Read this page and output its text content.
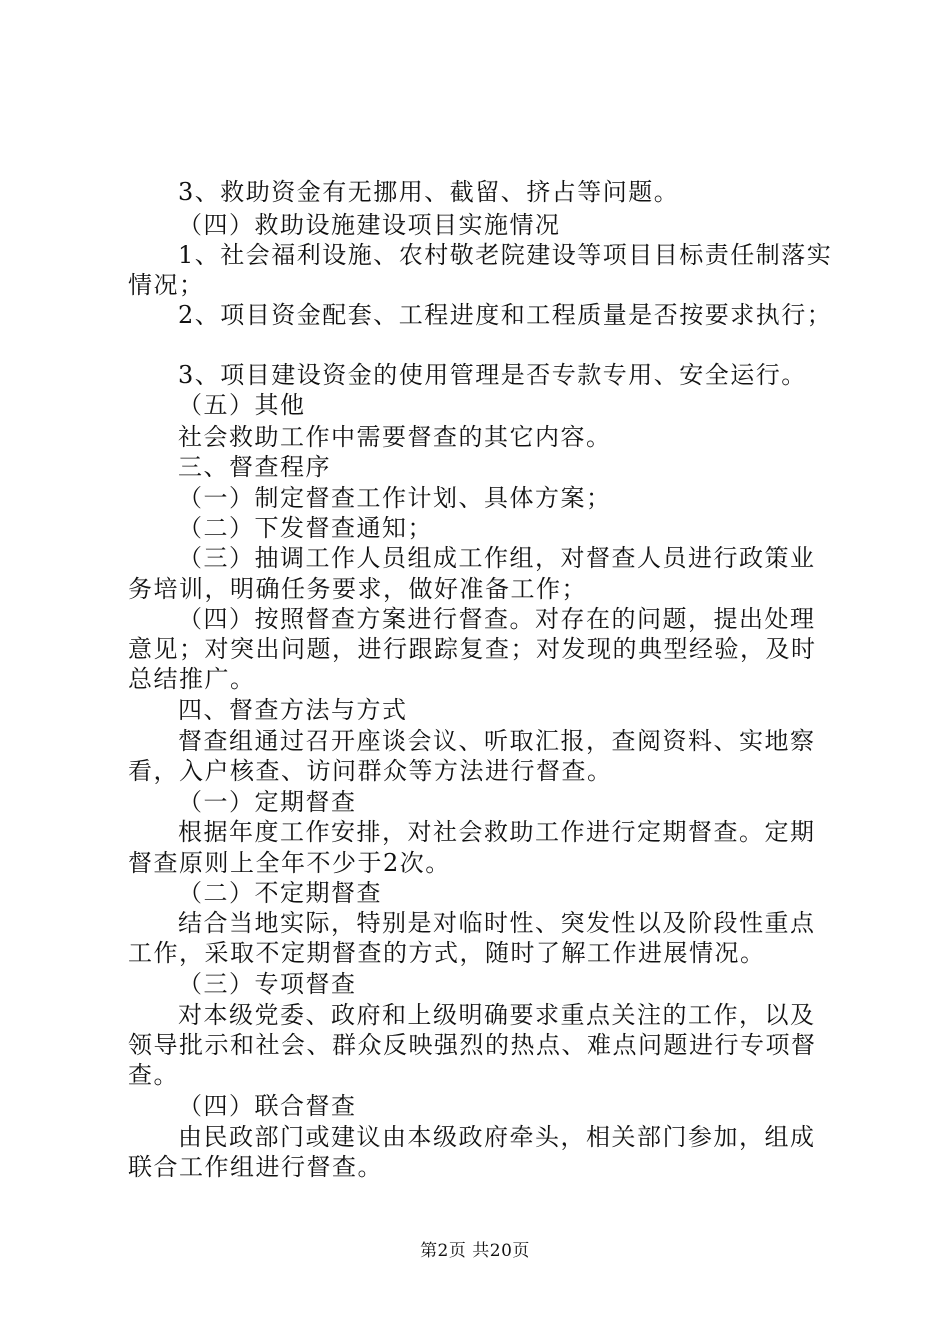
3、救助资金有无挪用、截留、挤占等问题。
（四）救助设施建设项目实施情况
1、社会福利设施、农村敬老院建设等项目目标责任制落实
情况；
2、项目资金配套、工程进度和工程质量是否按要求执行；
3、项目建设资金的使用管理是否专款专用、安全运行。
（五）其他
社会救助工作中需要督查的其它内容。
三、督查程序
（一）制定督查工作计划、具体方案；
（二）下发督查通知；
（三）抽调工作人员组成工作组，对督查人员进行政策业
务培训，明确任务要求，做好准备工作；
（四）按照督查方案进行督查。对存在的问题，提出处理
意见；对突出问题，进行跟踪复查；对发现的典型经验，及时
总结推广。
四、督查方法与方式
督查组通过召开座谈会议、听取汇报，查阅资料、实地察
看，入户核查、访问群众等方法进行督查。
（一）定期督查
根据年度工作安排，对社会救助工作进行定期督查。定期
督查原则上全年不少于2次。
（二）不定期督查
结合当地实际，特别是对临时性、突发性以及阶段性重点
工作，采取不定期督查的方式，随时了解工作进展情况。
（三）专项督查
对本级党委、政府和上级明确要求重点关注的工作，以及
领导批示和社会、群众反映强烈的热点、难点问题进行专项督
查。
（四）联合督查
由民政部门或建议由本级政府牵头，相关部门参加，组成
联合工作组进行督查。
第2页 共20页
